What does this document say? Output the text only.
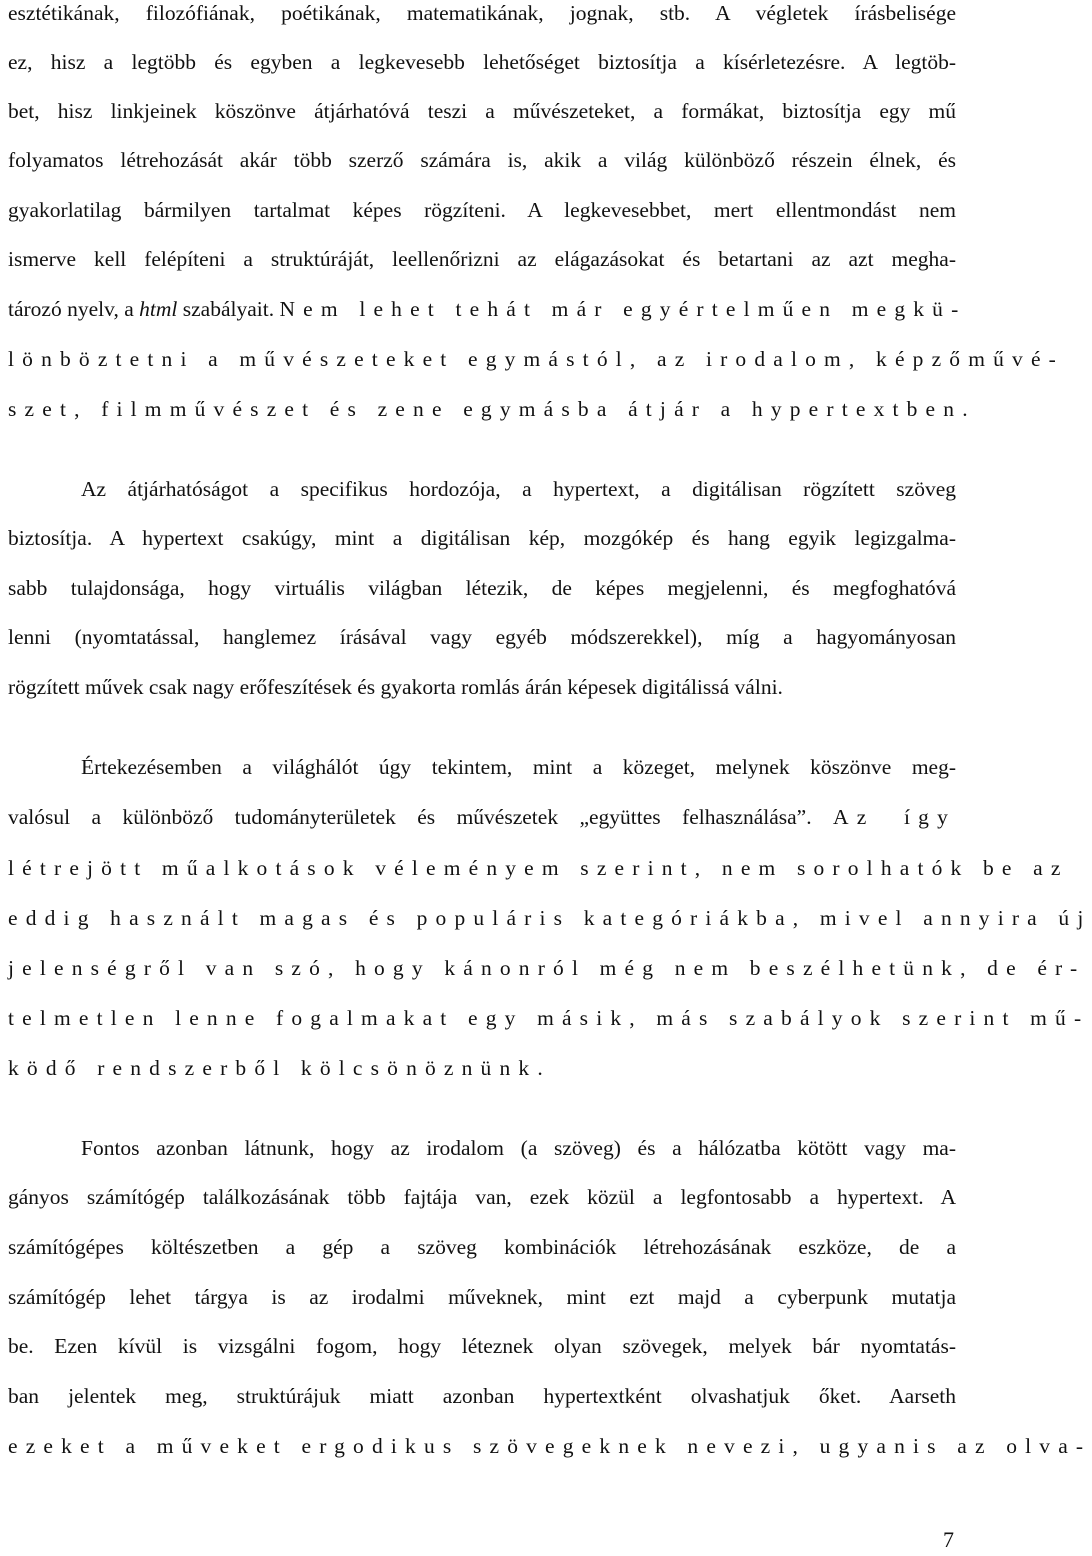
esztétikának, filozófiának, poétikának, matematikának, jognak, stb. A végletek írásbelisége
ez, hisz a legtöbb és egyben a legkevesebb lehetőséget biztosítja a kísérletezésre. A legtöb-
bet, hisz linkjeinek köszönve átjárhatóvá teszi a művészeteket, a formákat, biztosítja egy mű
folyamatos létrehozását akár több szerző számára is, akik a világ különböző részein élnek, és
gyakorlatilag bármilyen tartalmat képes rögzíteni. A legkevesebbet, mert ellentmondást nem
ismerve kell felépíteni a struktúráját, leellenőrizni az elágazásokat és betartani az azt megha-
tározó nyelv, a html szabályait. Nem lehet tehát már egyértelműen megkü-
lönböztetni a művészeteket egymástól, az irodalom, képzőművé-
szet, filmművészet és zene egymásba átjár a hypertextben.
Az átjárhatóságot a specifikus hordozója, a hypertext, a digitálisan rögzített szöveg
biztosítja. A hypertext csakúgy, mint a digitálisan kép, mozgókép és hang egyik legizgalma-
sabb tulajdonsága, hogy virtuális világban létezik, de képes megjelenni, és megfoghatóvá
lenni (nyomtatással, hanglemez írásával vagy egyéb módszerekkel), míg a hagyományosan
rögzített művek csak nagy erőfeszítések és gyakorta romlás árán képesek digitálissá válni.
Értekezésemben a világhálót úgy tekintem, mint a közeget, melynek köszönve meg-
valósul a különböző tudományterületek és művészetek „együttes felhasználása”. Az így
létrejött műalkotások véleményem szerint, nem sorolhatók be az
eddig használt magas és populáris kategóriákba, mivel annyira új
jelenségről van szó, hogy kánonról még nem beszélhetünk, de ér-
telmetlen lenne fogalmakat egy másik, más szabályok szerint mű-
ködő rendszerből kölcsönöznünk.
Fontos azonban látnunk, hogy az irodalom (a szöveg) és a hálózatba kötött vagy ma-
gányos számítógép találkozásának több fajtája van, ezek közül a legfontosabb a hypertext. A
számítógépes költészetben a gép a szöveg kombinációk létrehozásának eszköze, de a
számítógép lehet tárgya is az irodalmi műveknek, mint ezt majd a cyberpunk mutatja
be. Ezen kívül is vizsgálni fogom, hogy léteznek olyan szövegek, melyek bár nyomtatás-
ban jelentek meg, struktúrájuk miatt azonban hypertextként olvashatjuk őket. Aarseth
ezeket a műveket ergodikus szövegeknek nevezi, ugyanis az olva-
7
